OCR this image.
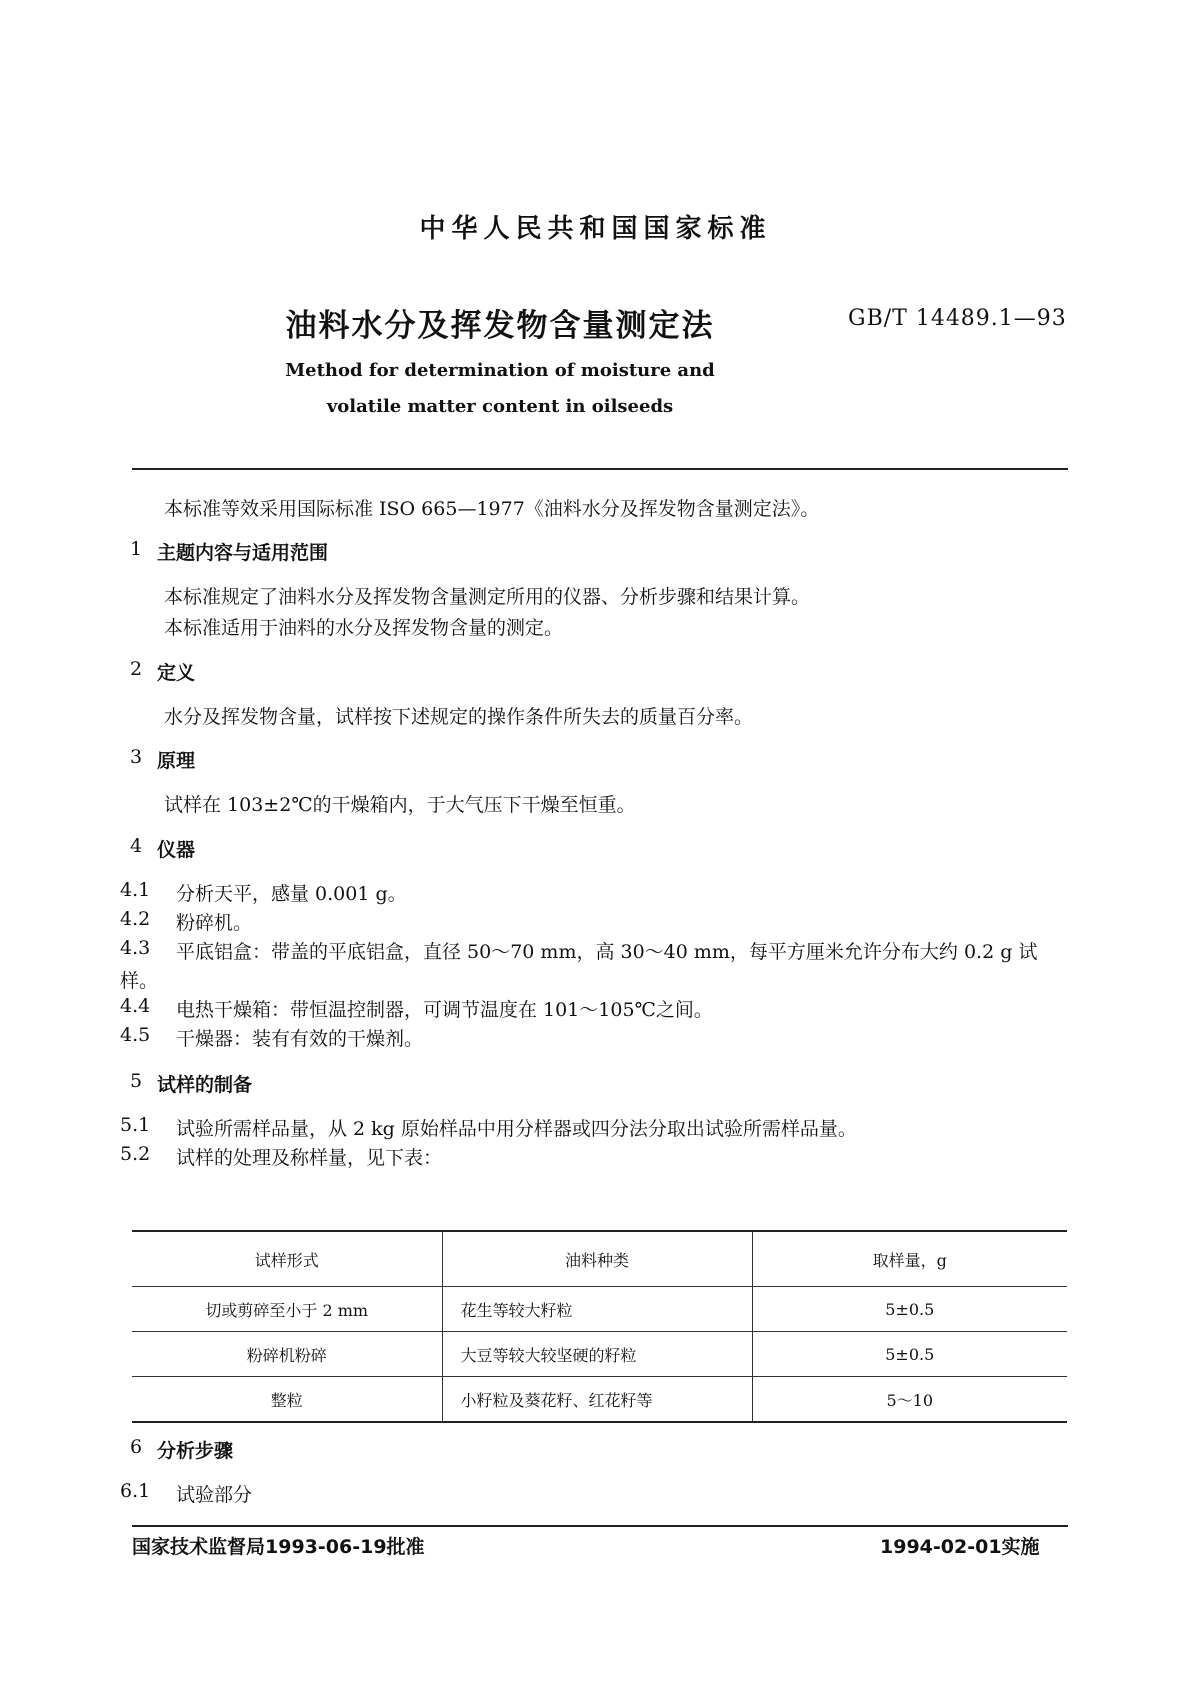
中华人民共和国国家标准
油料水分及挥发物含量测定法	GB/T 14489.1—93
Method for determination of moisture and
volatile matter content in oilseeds
本标准等效采用国际标准 ISO 665—1977《油料水分及挥发物含量测定法》。
1 主题内容与适用范围
本标准规定了油料水分及挥发物含量测定所用的仪器、分析步骤和结果计算。
本标准适用于油料的水分及挥发物含量的测定。
2 定义
水分及挥发物含量，试样按下述规定的操作条件所失去的质量百分率。
3 原理
试样在 103±2℃的干燥箱内，于大气压下干燥至恒重。
4 仪器
4.1 分析天平，感量 0.001 g。
4.2 粉碎机。
4.3 平底铝盒：带盖的平底铝盒，直径 50～70 mm，高 30～40 mm，每平方厘米允许分布大约 0.2 g 试
样。
4.4 电热干燥箱：带恒温控制器，可调节温度在 101～105℃之间。
4.5 干燥器：装有有效的干燥剂。
5 试样的制备
5.1 试验所需样品量，从 2 kg 原始样品中用分样器或四分法分取出试验所需样品量。
5.2 试样的处理及称样量，见下表：
试样形式	油料种类	取样量，g
切或剪碎至小于 2 mm	花生等较大籽粒	5±0.5
粉碎机粉碎	大豆等较大较坚硬的籽粒	5±0.5
整粒	小籽粒及葵花籽、红花籽等	5～10
6 分析步骤
6.1 试验部分
国家技术监督局1993-06-19批准	1994-02-01实施
